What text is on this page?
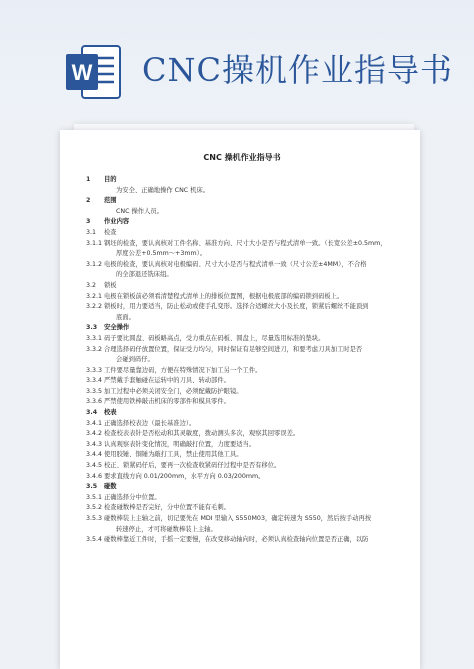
W CNC操机作业指导书
CNC 操机作业指导书
1	目的
为安全、正确地操作 CNC 机床。
2	范围
CNC 操作人员。
3	作业内容
3.1	检查
3.1.1 钢坯的检查，要认真核对工件名称、基准方向、尺寸大小是否与程式清单一致。（长宽公差±0.5mm，
厚度公差+0.5mm～+3mm）。
3.1.2 电极的检查，要认真核对电极编码、尺寸大小是否与程式清单一致（尺寸公差±4MM），不合格
的全部退还铣床组。
3.2	锁板
3.2.1 电极在锁板前必须看清楚程式清单上的排板位置图，根据电极底部的编码锁到码板上。
3.2.2 锁板时，用力要适当，防止松动或使手孔变形。选择合适螺丝大小及长度，锁紧后螺丝不能顶到
底面。
3.3	安全操作
3.3.1 码子要比圆盘、码板略高点，受力重点在码板、圆盘上，尽量选用标准的垫块。
3.3.2 合理选择码仔放置位置，保证受力均匀，同时保证有足够空间进刀，和要考虑刀具加工时是否
会碰到码仔。
3.3.3 工件要尽量靠边码，方便在特殊情况下加工另一个工件。
3.3.4 严禁戴手套触碰在运转中的刀具、转动部件。
3.3.5 加工过程中必须关闭安全门，必须配戴防护眼镜。
3.3.6 严禁使用铁棒敲击机床的零部件和模具零件。
3.4	校表
3.4.1 正确选择校表边（最长基准边）。
3.4.2 检查校表表针是否松动和其灵敏度，拨动测头多次，观察其回零误差。
3.4.3 认真观察表针变化情况，明确敲打位置，力度要适当。
3.4.4 使用胶锤、铜锤为敲打工具，禁止使用其他工具。
3.4.5 校正、锁紧码仔后，要再一次检查收紧码仔过程中是否有移位。
3.4.6 要求直线方向 0.01/200mm，水平方向 0.03/200mm。
3.5	碰数
3.5.1 正确选择分中位置。
3.5.2 检查碰数棒是否完好，分中位置不能有毛刺。
3.5.3 碰数棒装上主轴之前，切记要先在 MDI 里输入 S550M03，确定转速为 S550，然后按手动再按
转速停止，才可将碰数棒装上主轴。
3.5.4 碰数棒靠近工件时，手摇一定要慢，在改变移动轴向时，必须认真检查轴向位置是否正确，以防
